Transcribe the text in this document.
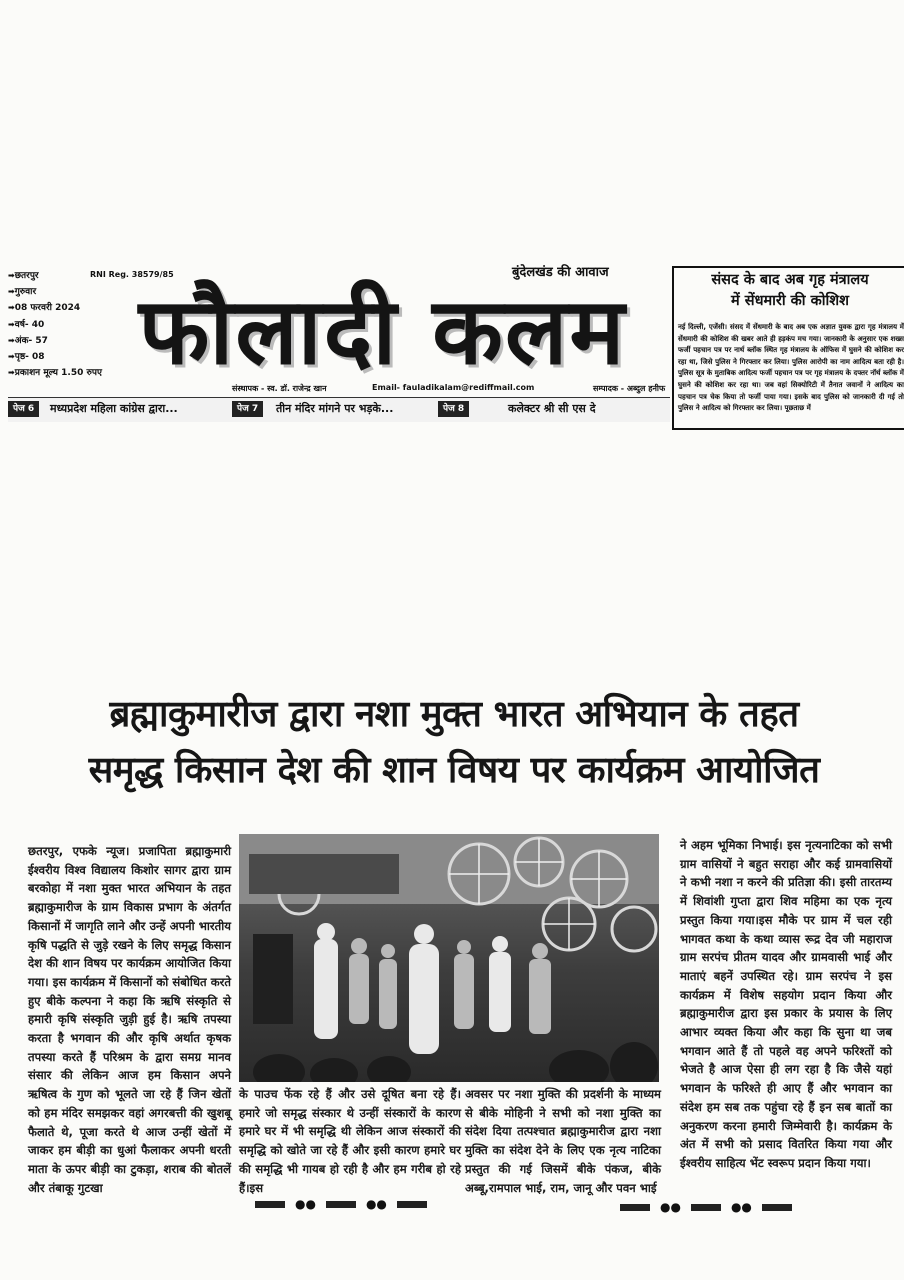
➡ छतरपुर
➡ गुरुवार
➡ 08 फरवरी 2024
➡ वर्ष- 40
➡ अंक- 57
➡ पृष्ठ- 08
➡ प्रकाशन मूल्य 1.50 रुपए
RNI Reg. 38579/85	बुंदेलखंड की आवाज
फौलादी कलम
संस्थापक - स्व. डॉ. राजेन्द्र खान	Email- fauladikalam@rediffmail.com	सम्पादक - अब्दुल हनीफ
पेज 6	मध्यप्रदेश महिला कांग्रेस द्वारा...	पेज 7	तीन मंदिर मांगने पर भड़के...	पेज 8	कलेक्टर श्री सी एस दे
संसद के बाद अब गृह मंत्रालय
में सेंधमारी की कोशिश
नई दिल्ली, एजेंसी। संसद में सेंधमारी के बाद अब एक अज्ञात युवक द्वारा गृह मंत्रालय में सेंधमारी की कोशिश की खबर आते ही हड़कंप मच गया। जानकारी के अनुसार एक शख्स फर्जी पहचान पत्र पर नार्थ ब्लॉक स्थित गृह मंत्रालय के ऑफिस में घुसने की कोशिश कर रहा था, जिसे पुलिस ने गिरफ्तार कर लिया। पुलिस आरोपी का नाम आदित्य बता रही है। पुलिस सूत्र के मुताबिक आदित्य फर्जी पहचान पत्र पर गृह मंत्रालय के दफ्तर नॉर्थ ब्लॉक में घुसने की कोशिश कर रहा था। जब वहां सिक्योरिटी में तैनात जवानों ने आदित्य का पहचान पत्र चेक किया तो फर्जी पाया गया। इसके बाद पुलिस को जानकारी दी गई तो पुलिस ने आदित्य को गिरफ्तार कर लिया। पूछताछ में
ब्रह्माकुमारीज द्वारा नशा मुक्त भारत अभियान के तहत
समृद्ध किसान देश की शान विषय पर कार्यक्रम आयोजित
छतरपुर, एफके न्यूज। प्रजापिता ब्रह्माकुमारी ईश्वरीय विश्व विद्यालय किशोर सागर द्वारा ग्राम बरकोहा में नशा मुक्त भारत अभियान के तहत ब्रह्माकुमारीज के ग्राम विकास प्रभाग के अंतर्गत किसानों में जागृति लाने और उन्हें अपनी भारतीय कृषि पद्धति से जुड़े रखने के लिए समृद्ध किसान देश की शान विषय पर कार्यक्रम आयोजित किया गया। इस कार्यक्रम में किसानों को संबोधित करते हुए बीके कल्पना ने कहा कि ऋषि संस्कृति से हमारी कृषि संस्कृति जुड़ी हुई है। ऋषि तपस्या करता है भगवान की और कृषि अर्थात कृषक तपस्या करते हैं परिश्रम के द्वारा समग्र मानव संसार की लेकिन आज हम किसान अपने ऋषित्व के गुण को भूलते जा रहे हैं जिन खेतों को हम मंदिर समझकर वहां अगरबत्ती की खुशबू फैलाते थे, पूजा करते थे आज उन्हीं खेतों में जाकर हम बीड़ी का धुआं फैलाकर अपनी धरती माता के ऊपर बीड़ी का टुकड़ा, शराब की बोतलें और तंबाकू गुटखा
के पाउच फेंक रहे हैं और उसे दूषित बना रहे हैं। हमारे जो समृद्ध संस्कार थे उन्हीं संस्कारों के कारण हमारे घर में भी समृद्धि थी लेकिन आज संस्कारों की समृद्धि को खोते जा रहे हैं और इसी कारण हमारे घर की समृद्धि भी गायब हो रही है और हम गरीब हो रहे हैं।इस
अवसर पर नशा मुक्ति की प्रदर्शनी के माध्यम से बीके मोहिनी ने सभी को नशा मुक्ति का संदेश दिया तत्पश्चात ब्रह्माकुमारीज द्वारा नशा मुक्ति का संदेश देने के लिए एक नृत्य नाटिका प्रस्तुत की गई जिसमें बीके पंकज, बीके अब्बू,रामपाल भाई, राम, जानू और पवन भाई
ने अहम भूमिका निभाई। इस नृत्यनाटिका को सभी ग्राम वासियों ने बहुत सराहा और कई ग्रामवासियों ने कभी नशा न करने की प्रतिज्ञा की। इसी तारतम्य में शिवांशी गुप्ता द्वारा शिव महिमा का एक नृत्य प्रस्तुत किया गया।इस मौके पर ग्राम में चल रही भागवत कथा के कथा व्यास रूद्र देव जी महाराज ग्राम सरपंच प्रीतम यादव और ग्रामवासी भाई और माताएं बहनें उपस्थित रहे। ग्राम सरपंच ने इस कार्यक्रम में विशेष सहयोग प्रदान किया और ब्रह्माकुमारीज द्वारा इस प्रकार के प्रयास के लिए आभार व्यक्त किया और कहा कि सुना था जब भगवान आते हैं तो पहले वह अपने फरिश्तों को भेजते है आज ऐसा ही लग रहा है कि जैसे यहां भगवान के फरिश्ते ही आए हैं और भगवान का संदेश हम सब तक पहुंचा रहे हैं इन सब बातों का अनुकरण करना हमारी जिम्मेवारी है। कार्यक्रम के अंत में सभी को प्रसाद वितरित किया गया और ईश्वरीय साहित्य भेंट स्वरूप प्रदान किया गया।
●●	●●	●●	●●
